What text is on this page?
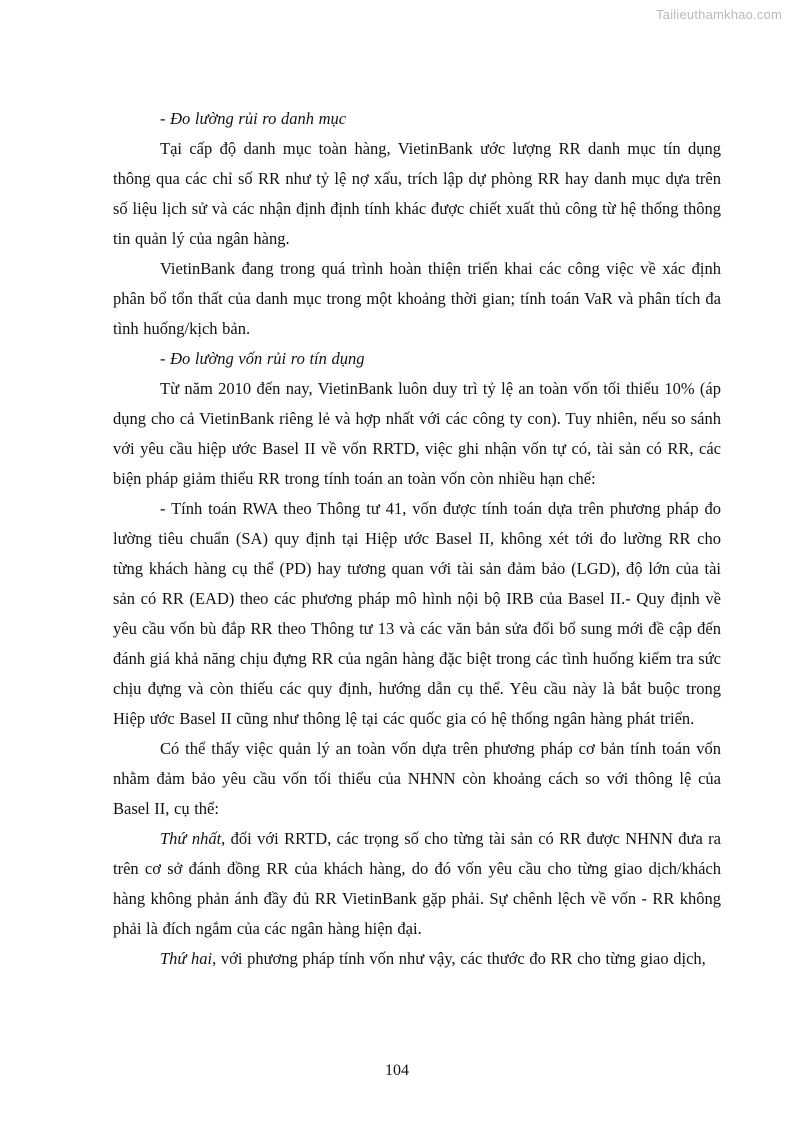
Tailieuthamkhao.com

- Đo lường rủi ro danh mục

Tại cấp độ danh mục toàn hàng, VietinBank ước lượng RR danh mục tín dụng thông qua các chỉ số RR như tỷ lệ nợ xấu, trích lập dự phòng RR hay danh mục dựa trên số liệu lịch sử và các nhận định định tính khác được chiết xuất thủ công từ hệ thống thông tin quản lý của ngân hàng.

VietinBank đang trong quá trình hoàn thiện triển khai các công việc về xác định phân bổ tổn thất của danh mục trong một khoảng thời gian; tính toán VaR và phân tích đa tình huống/kịch bản.

- Đo lường vốn rủi ro tín dụng

Từ năm 2010 đến nay, VietinBank luôn duy trì tỷ lệ an toàn vốn tối thiểu 10% (áp dụng cho cả VietinBank riêng lẻ và hợp nhất với các công ty con). Tuy nhiên, nếu so sánh với yêu cầu hiệp ước Basel II về vốn RRTD, việc ghi nhận vốn tự có, tài sản có RR, các biện pháp giảm thiểu RR trong tính toán an toàn vốn còn nhiều hạn chế:

- Tính toán RWA theo Thông tư 41, vốn được tính toán dựa trên phương pháp đo lường tiêu chuẩn (SA) quy định tại Hiệp ước Basel II, không xét tới đo lường RR cho từng khách hàng cụ thể (PD) hay tương quan với tài sản đảm bảo (LGD), độ lớn của tài sản có RR (EAD) theo các phương pháp mô hình nội bộ IRB của Basel II.- Quy định về yêu cầu vốn bù đắp RR theo Thông tư 13 và các văn bản sửa đổi bổ sung mới đề cập đến đánh giá khả năng chịu đựng RR của ngân hàng đặc biệt trong các tình huống kiểm tra sức chịu đựng và còn thiếu các quy định, hướng dẫn cụ thể. Yêu cầu này là bắt buộc trong Hiệp ước Basel II cũng như thông lệ tại các quốc gia có hệ thống ngân hàng phát triển.

Có thể thấy việc quản lý an toàn vốn dựa trên phương pháp cơ bản tính toán vốn nhằm đảm bảo yêu cầu vốn tối thiểu của NHNN còn khoảng cách so với thông lệ của Basel II, cụ thể:

Thứ nhất, đối với RRTD, các trọng số cho từng tài sản có RR được NHNN đưa ra trên cơ sở đánh đồng RR của khách hàng, do đó vốn yêu cầu cho từng giao dịch/khách hàng không phản ánh đầy đủ RR VietinBank gặp phải. Sự chênh lệch về vốn - RR không phải là đích ngắm của các ngân hàng hiện đại.

Thứ hai, với phương pháp tính vốn như vậy, các thước đo RR cho từng giao dịch,

104
